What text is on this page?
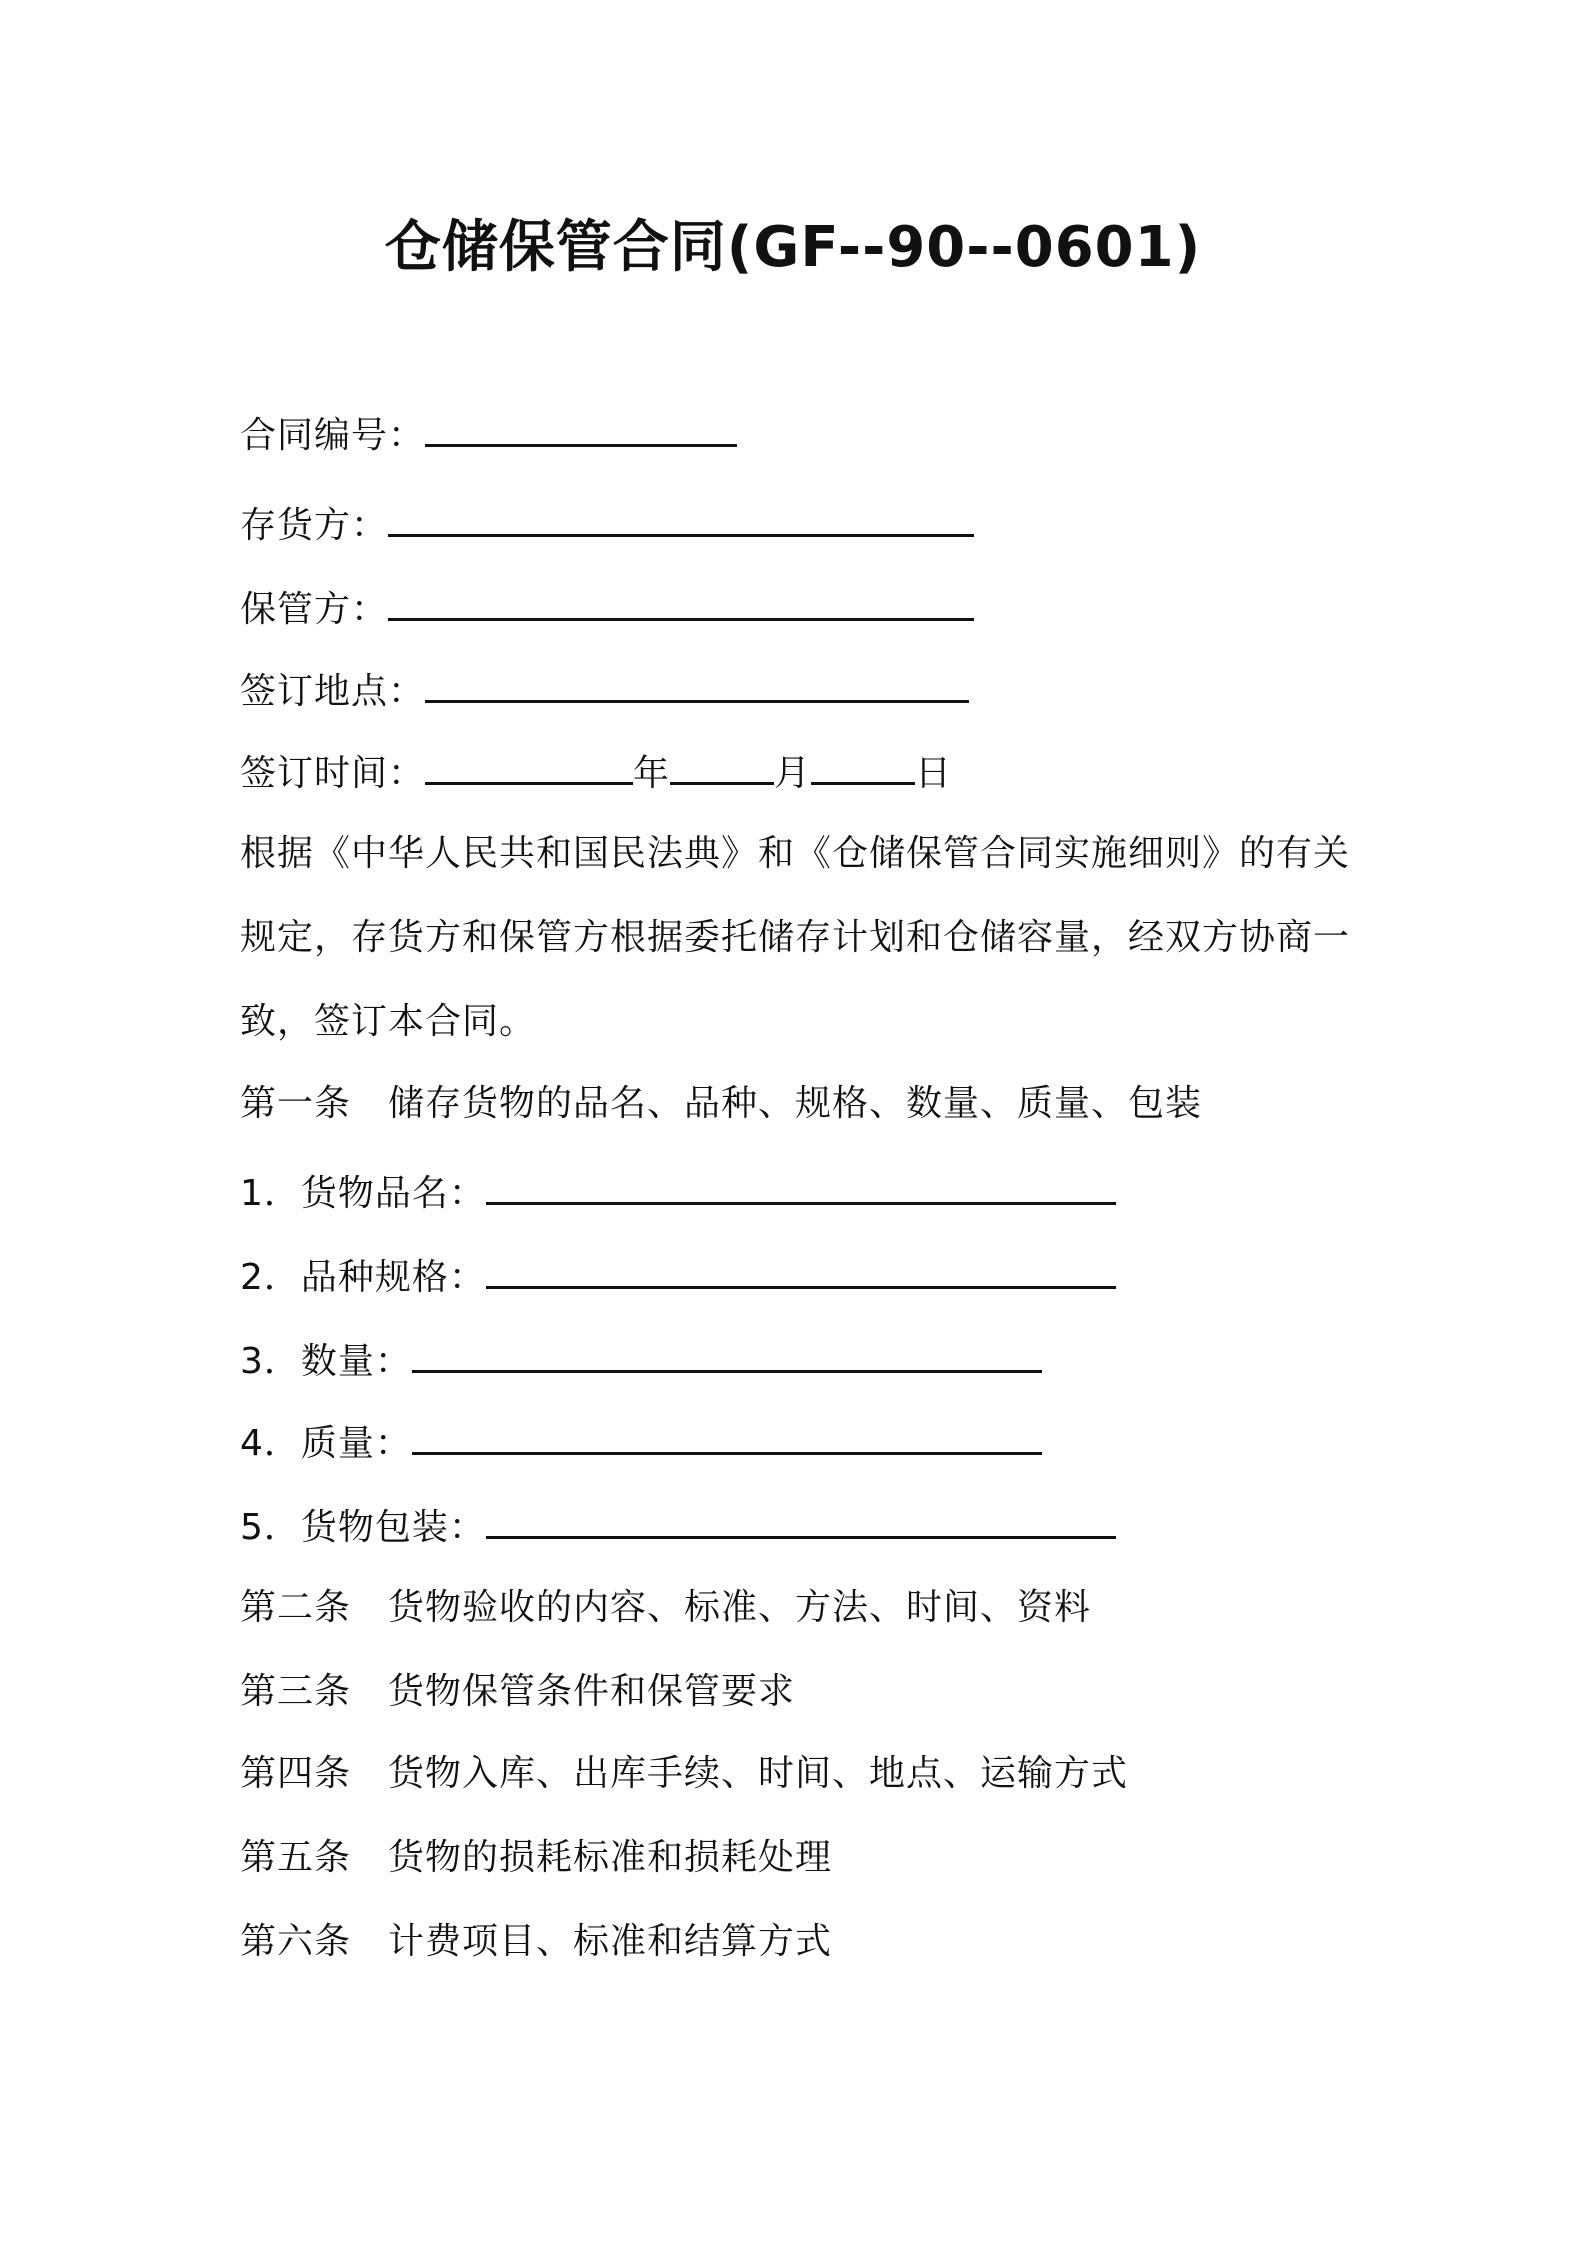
仓储保管合同(GF--90--0601)
合同编号：
存货方：
保管方：
签订地点：
签订时间：	年	月	日
根据《中华人民共和国民法典》和《仓储保管合同实施细则》的有关规定，存货方和保管方根据委托储存计划和仓储容量，经双方协商一致，签订本合同。
第一条　储存货物的品名、品种、规格、数量、质量、包装
1．货物品名：
2．品种规格：
3．数量：
4．质量：
5．货物包装：
第二条　货物验收的内容、标准、方法、时间、资料
第三条　货物保管条件和保管要求
第四条　货物入库、出库手续、时间、地点、运输方式
第五条　货物的损耗标准和损耗处理
第六条　计费项目、标准和结算方式
